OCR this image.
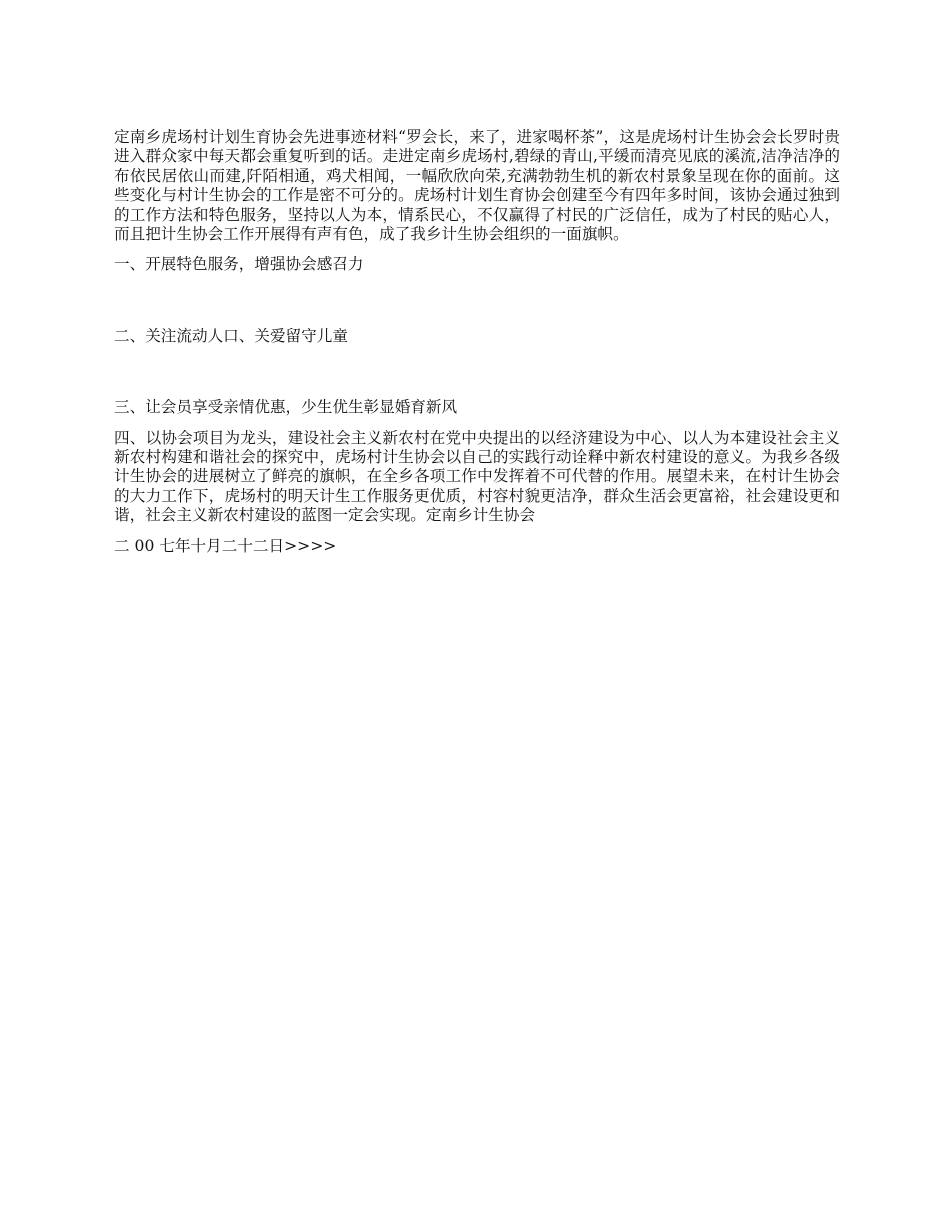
定南乡虎场村计划生育协会先进事迹材料“罗会长，来了，进家喝杯茶”，这是虎场村计生协会会长罗时贵进入群众家中每天都会重复听到的话。走进定南乡虎场村,碧绿的青山,平缓而清亮见底的溪流,洁净洁净的布依民居依山而建,阡陌相通，鸡犬相闻，一幅欣欣向荣,充满勃勃生机的新农村景象呈现在你的面前。这些变化与村计生协会的工作是密不可分的。虎场村计划生育协会创建至今有四年多时间，该协会通过独到的工作方法和特色服务，坚持以人为本，情系民心，不仅赢得了村民的广泛信任，成为了村民的贴心人，而且把计生协会工作开展得有声有色，成了我乡计生协会组织的一面旗帜。

一、开展特色服务，增强协会感召力

二、关注流动人口、关爱留守儿童

三、让会员享受亲情优惠，少生优生彰显婚育新风

四、以协会项目为龙头，建设社会主义新农村在党中央提出的以经济建设为中心、以人为本建设社会主义新农村构建和谐社会的探究中，虎场村计生协会以自己的实践行动诠释中新农村建设的意义。为我乡各级计生协会的进展树立了鲜亮的旗帜，在全乡各项工作中发挥着不可代替的作用。展望未来，在村计生协会的大力工作下，虎场村的明天计生工作服务更优质，村容村貌更洁净，群众生活会更富裕，社会建设更和谐，社会主义新农村建设的蓝图一定会实现。定南乡计生协会

二 00 七年十月二十二日>>>>
